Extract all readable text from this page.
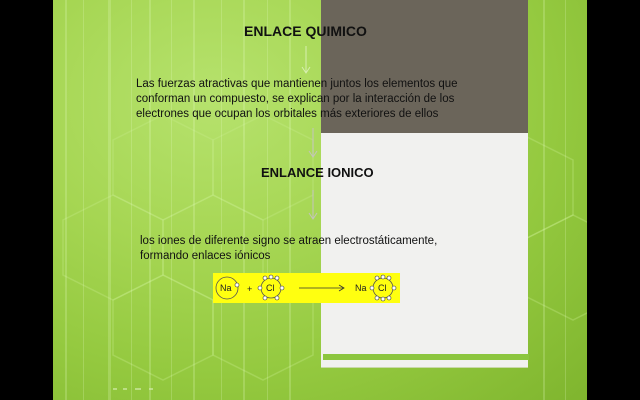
ENLACE QUIMICO
Las fuerzas atractivas que mantienen juntos los elementos que
conforman un compuesto, se explican por la interacción de los
electrones que ocupan los orbitales más exteriores de ellos
ENLANCE IONICO
los iones de diferente signo se atraen electrostáticamente,
formando enlaces iónicos
Na + Cl	Na Cl
